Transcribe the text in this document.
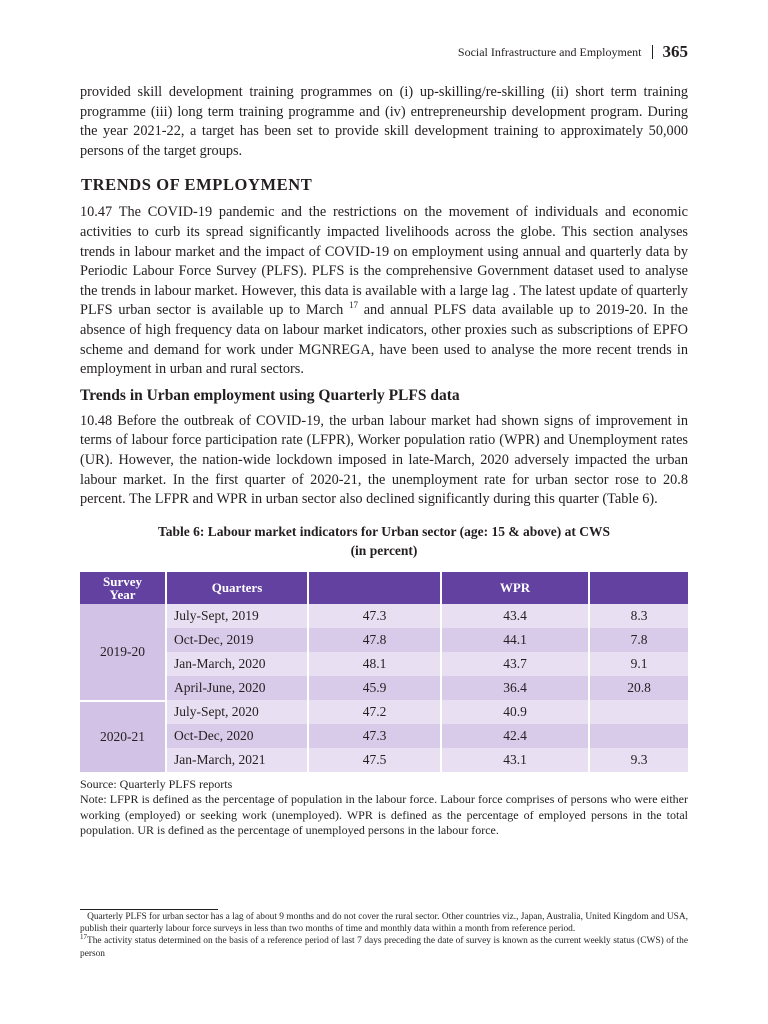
Social Infrastructure and Employment 365

provided skill development training programmes on (i) up-skilling/re-skilling (ii) short term training programme (iii) long term training programme and (iv) entrepreneurship development program. During the year 2021-22, a target has been set to provide skill development training to approximately 50,000 persons of the target groups.

TRENDS OF EMPLOYMENT

10.47 The COVID-19 pandemic and the restrictions on the movement of individuals and economic activities to curb its spread significantly impacted livelihoods across the globe. This section analyses trends in labour market and the impact of COVID-19 on employment using annual and quarterly data by Periodic Labour Force Survey (PLFS). PLFS is the comprehensive Government dataset used to analyse the trends in labour market. However, this data is available with a large lag . The latest update of quarterly PLFS urban sector is available up to March $^{17}$ and annual PLFS data available up to 2019-20. In the absence of high frequency data on labour market indicators, other proxies such as subscriptions of EPFO scheme and demand for work under MGNREGA, have been used to analyse the more recent trends in employment in urban and rural sectors.

Trends in Urban employment using Quarterly PLFS data

10.48 Before the outbreak of COVID-19, the urban labour market had shown signs of improvement in terms of labour force participation rate (LFPR), Worker population ratio (WPR) and Unemployment rates (UR). However, the nation-wide lockdown imposed in late-March, 2020 adversely impacted the urban labour market. In the first quarter of 2020-21, the unemployment rate for urban sector rose to 20.8 percent. The LFPR and WPR in urban sector also declined significantly during this quarter (Table 6).

Table 6: Labour market indicators for Urban sector (age: 15 & above) at CWS
(in percent)
Survey Year	Quarters		WPR	
2019-20	July-Sept, 2019	47.3	43.4	8.3
	Oct-Dec, 2019	47.8	44.1	7.8
	Jan-March, 2020	48.1	43.7	9.1
	April-June, 2020	45.9	36.4	20.8
2020-21	July-Sept, 2020	47.2	40.9	
	Oct-Dec, 2020	47.3	42.4	
	Jan-March, 2021	47.5	43.1	9.3
Source: Quarterly PLFS reports

Note: LFPR is defined as the percentage of population in the labour force. Labour force comprises of persons who were either working (employed) or seeking work (unemployed). WPR is defined as the percentage of employed persons in the total population. UR is defined as the percentage of unemployed persons in the labour force.

Quarterly PLFS for urban sector has a lag of about 9 months and do not cover the rural sector. Other countries viz., Japan, Australia, United Kingdom and USA, publish their quarterly labour force surveys in less than two months of time and monthly data within a month from reference period.

$^{17}$The activity status determined on the basis of a reference period of last 7 days preceding the date of survey is known as the current weekly status (CWS) of the person
